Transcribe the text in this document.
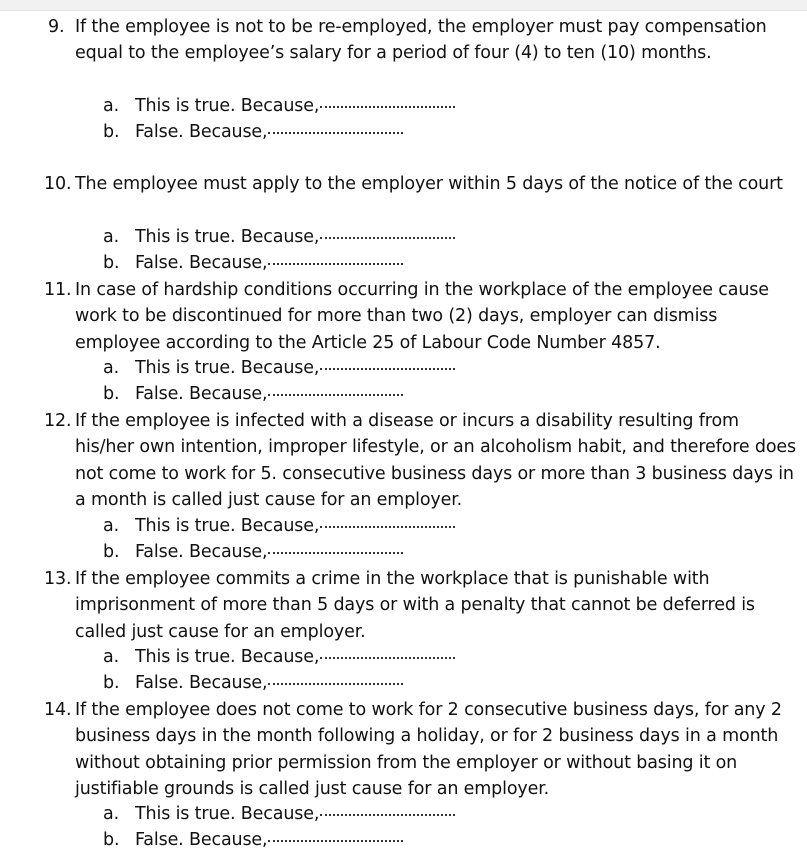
9. If the employee is not to be re-employed, the employer must pay compensation equal to the employee’s salary for a period of four (4) to ten (10) months.
a. This is true. Because,
b. False. Because,
10. The employee must apply to the employer within 5 days of the notice of the court
a. This is true. Because,
b. False. Because,
11. In case of hardship conditions occurring in the workplace of the employee cause work to be discontinued for more than two (2) days, employer can dismiss employee according to the Article 25 of Labour Code Number 4857.
a. This is true. Because,
b. False. Because,
12. If the employee is infected with a disease or incurs a disability resulting from his/her own intention, improper lifestyle, or an alcoholism habit, and therefore does not come to work for 5. consecutive business days or more than 3 business days in a month is called just cause for an employer.
a. This is true. Because,
b. False. Because,
13. If the employee commits a crime in the workplace that is punishable with imprisonment of more than 5 days or with a penalty that cannot be deferred is called just cause for an employer.
a. This is true. Because,
b. False. Because,
14. If the employee does not come to work for 2 consecutive business days, for any 2 business days in the month following a holiday, or for 2 business days in a month without obtaining prior permission from the employer or without basing it on justifiable grounds is called just cause for an employer.
a. This is true. Because,
b. False. Because,
